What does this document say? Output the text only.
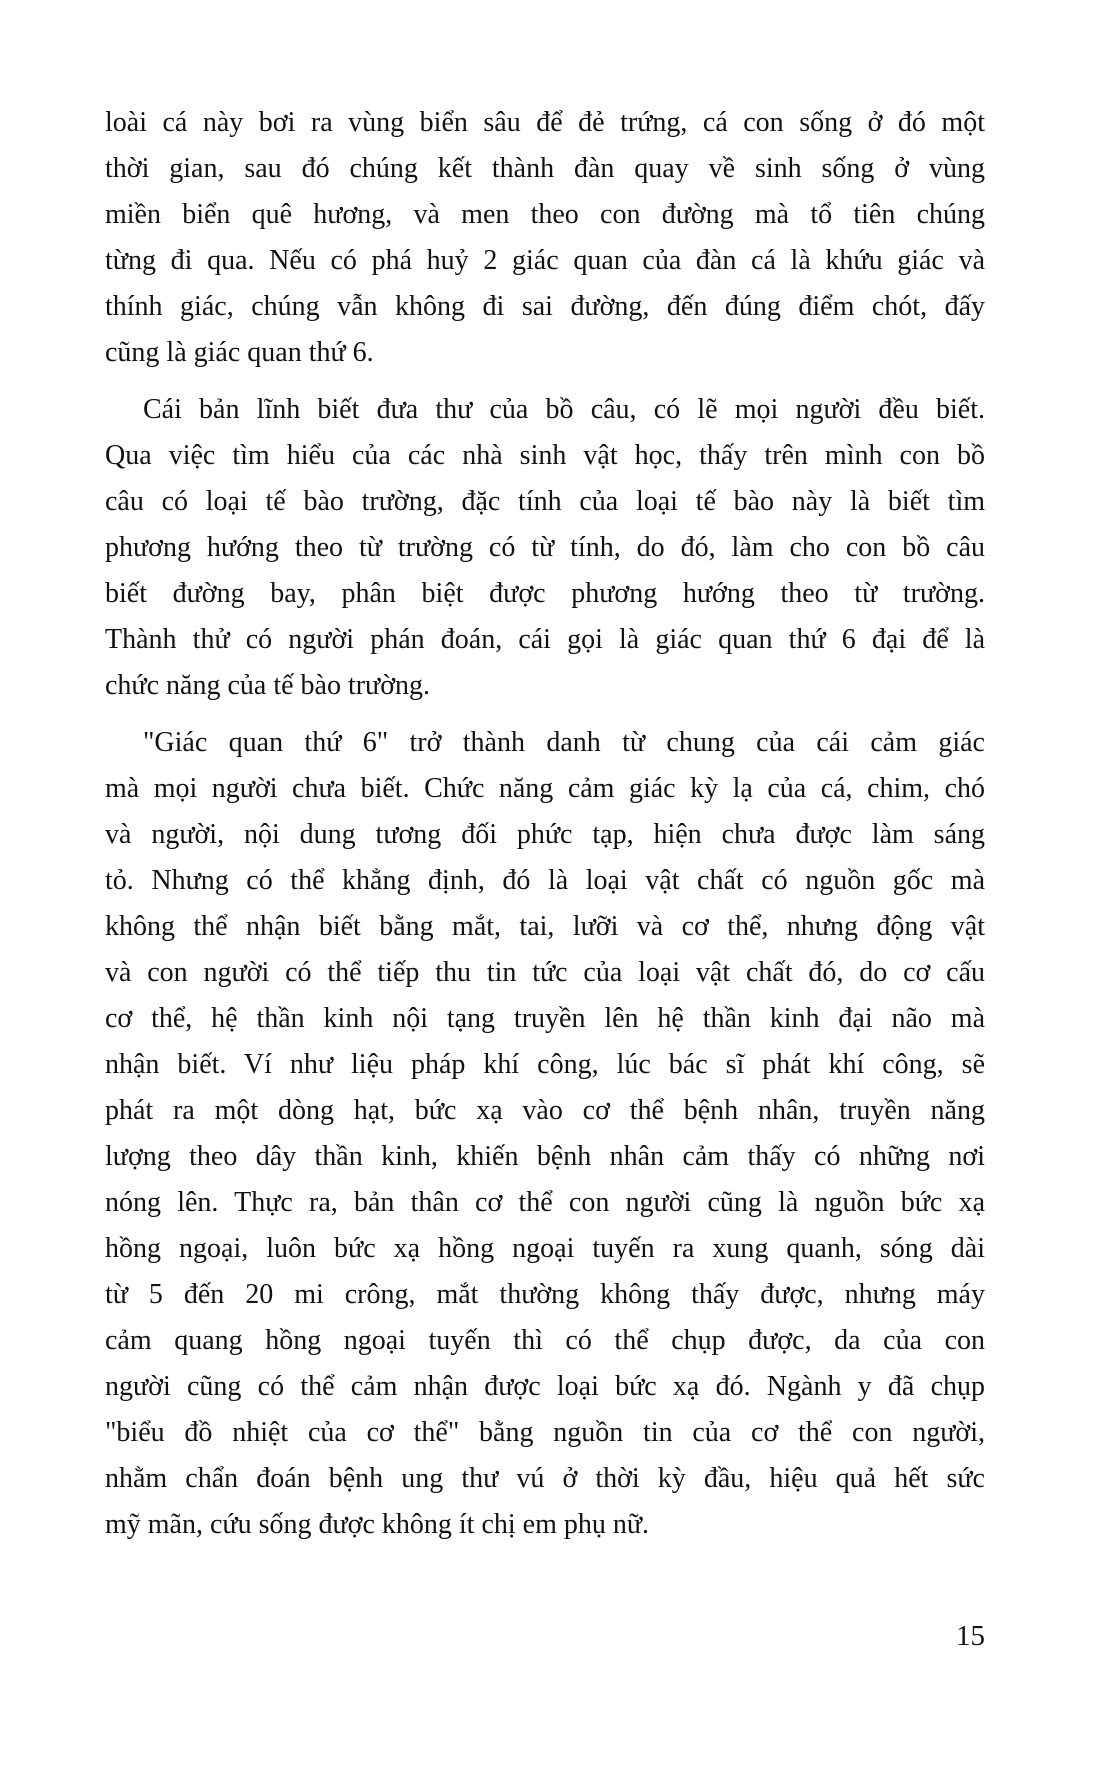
loài cá này bơi ra vùng biển sâu để đẻ trứng, cá con sống ở đó một
thời gian, sau đó chúng kết thành đàn quay về sinh sống ở vùng
miền biển quê hương, và men theo con đường mà tổ tiên chúng
từng đi qua. Nếu có phá huỷ 2 giác quan của đàn cá là khứu giác và
thính giác, chúng vẫn không đi sai đường, đến đúng điểm chót, đấy
cũng là giác quan thứ 6.
Cái bản lĩnh biết đưa thư của bồ câu, có lẽ mọi người đều biết.
Qua việc tìm hiểu của các nhà sinh vật học, thấy trên mình con bồ
câu có loại tế bào trường, đặc tính của loại tế bào này là biết tìm
phương hướng theo từ trường có từ tính, do đó, làm cho con bồ câu
biết đường bay, phân biệt được phương hướng theo từ trường.
Thành thử có người phán đoán, cái gọi là giác quan thứ 6 đại để là
chức năng của tế bào trường.
"Giác quan thứ 6" trở thành danh từ chung của cái cảm giác
mà mọi người chưa biết. Chức năng cảm giác kỳ lạ của cá, chim, chó
và người, nội dung tương đối phức tạp, hiện chưa được làm sáng
tỏ. Nhưng có thể khẳng định, đó là loại vật chất có nguồn gốc mà
không thể nhận biết bằng mắt, tai, lưỡi và cơ thể, nhưng động vật
và con người có thể tiếp thu tin tức của loại vật chất đó, do cơ cấu
cơ thể, hệ thần kinh nội tạng truyền lên hệ thần kinh đại não mà
nhận biết. Ví như liệu pháp khí công, lúc bác sĩ phát khí công, sẽ
phát ra một dòng hạt, bức xạ vào cơ thể bệnh nhân, truyền năng
lượng theo dây thần kinh, khiến bệnh nhân cảm thấy có những nơi
nóng lên. Thực ra, bản thân cơ thể con người cũng là nguồn bức xạ
hồng ngoại, luôn bức xạ hồng ngoại tuyến ra xung quanh, sóng dài
từ 5 đến 20 mi crông, mắt thường không thấy được, nhưng máy
cảm quang hồng ngoại tuyến thì có thể chụp được, da của con
người cũng có thể cảm nhận được loại bức xạ đó. Ngành y đã chụp
"biểu đồ nhiệt của cơ thể" bằng nguồn tin của cơ thể con người,
nhằm chẩn đoán bệnh ung thư vú ở thời kỳ đầu, hiệu quả hết sức
mỹ mãn, cứu sống được không ít chị em phụ nữ.
15
